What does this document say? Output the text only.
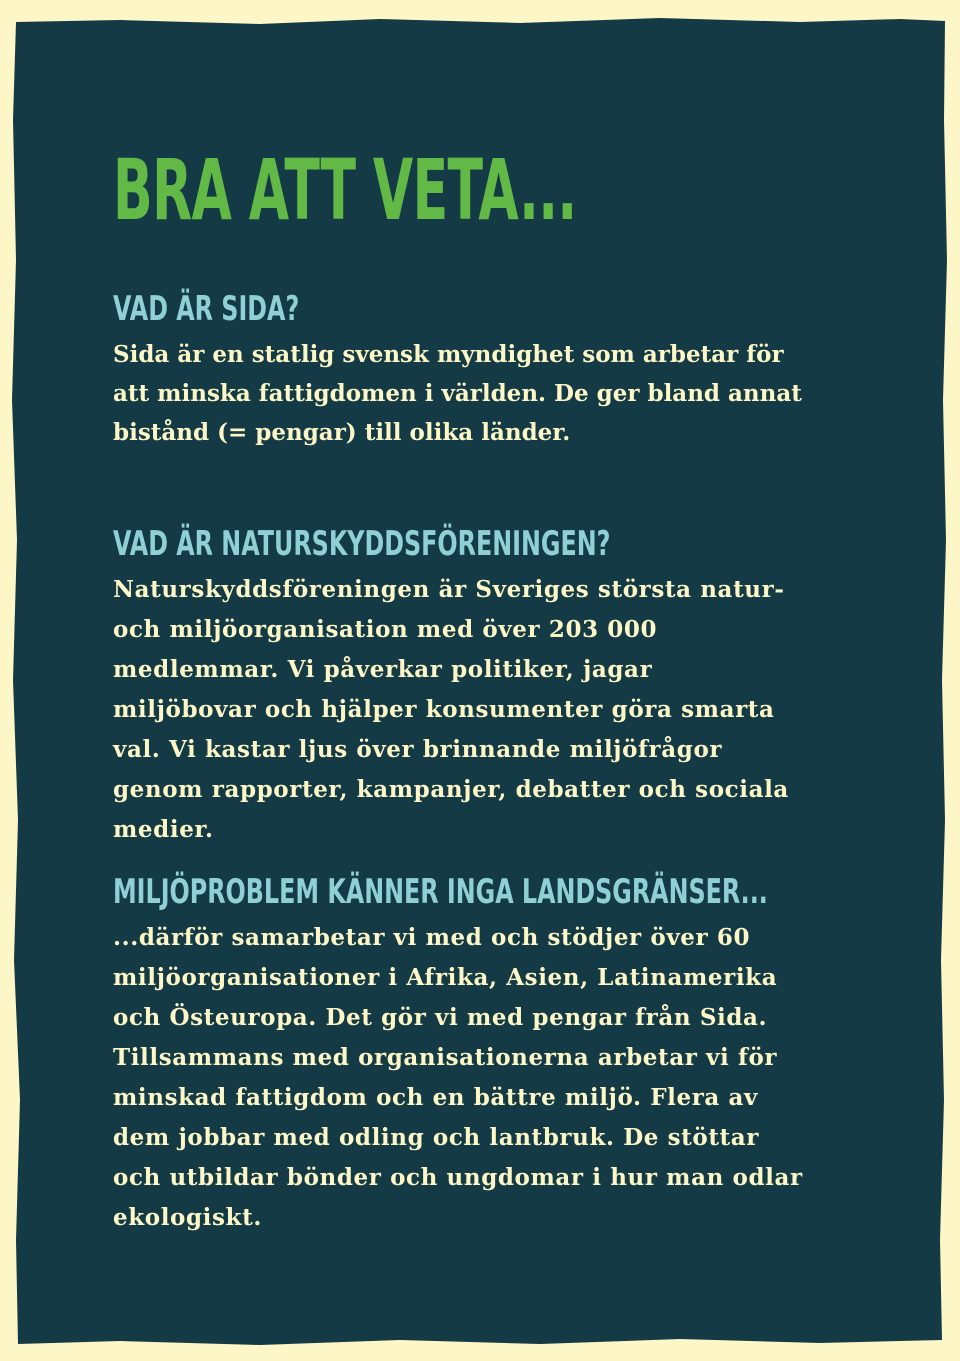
BRA ATT VETA...
VAD ÄR SIDA?

Sida är en statlig svensk myndighet som arbetar för att minska fattigdomen i världen. De ger bland annat bistånd (= pengar) till olika länder.

VAD ÄR NATURSKYDDSFÖRENINGEN?

Naturskyddsföreningen är Sveriges största natur- och miljöorganisation med över 203 000 medlemmar. Vi påverkar politiker, jagar miljöbovar och hjälper konsumenter göra smarta val. Vi kastar ljus över brinnande miljöfrågor genom rapporter, kampanjer, debatter och sociala medier.

MILJÖPROBLEM KÄNNER INGA LANDSGRÄNSER...

...därför samarbetar vi med och stödjer över 60 miljöorganisationer i Afrika, Asien, Latinamerika och Östeuropa. Det gör vi med pengar från Sida. Tillsammans med organisationerna arbetar vi för minskad fattigdom och en bättre miljö. Flera av dem jobbar med odling och lantbruk. De stöttar och utbildar bönder och ungdomar i hur man odlar ekologiskt.
